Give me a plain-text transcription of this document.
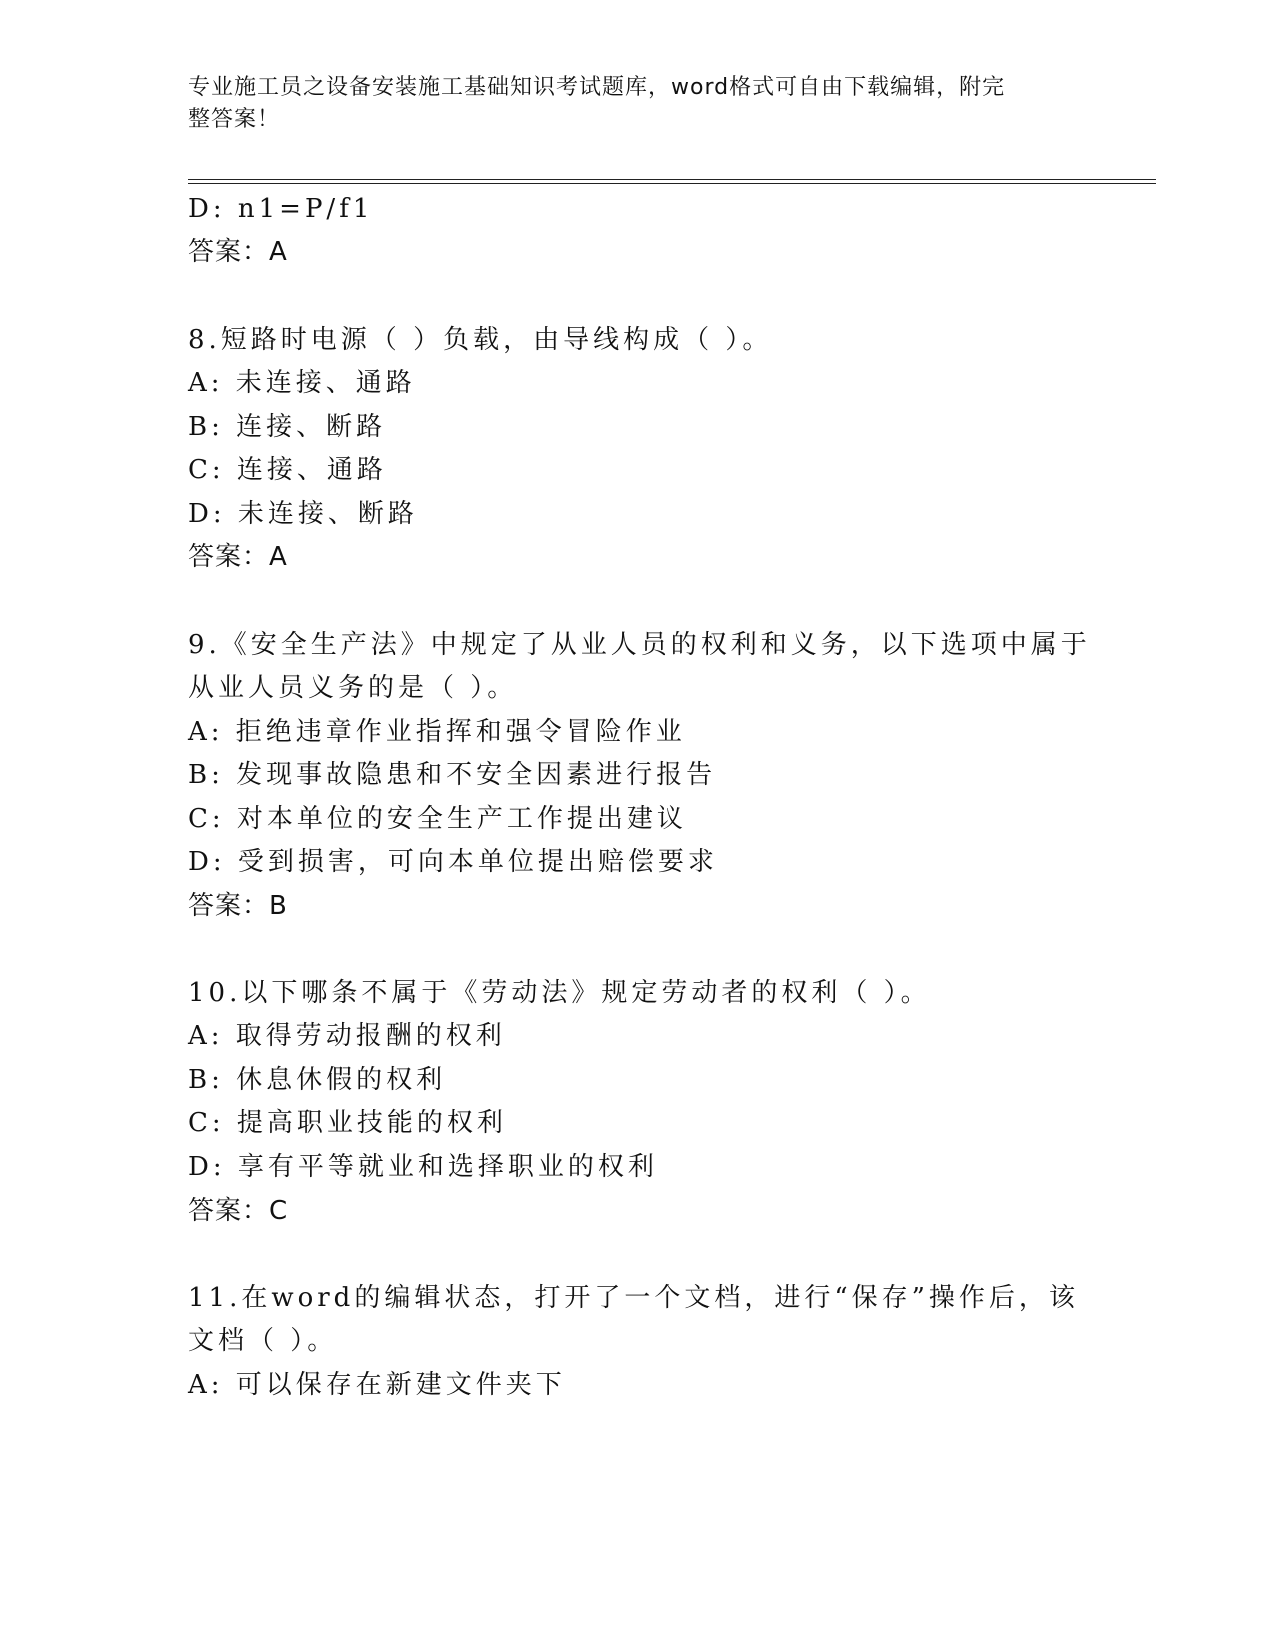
专业施工员之设备安装施工基础知识考试题库，word格式可自由下载编辑，附完
整答案！
D: n1=P/f1
答案：A
8.短路时电源（ ）负载，由导线构成（ ）。
A: 未连接、通路
B: 连接、断路
C: 连接、通路
D: 未连接、断路
答案：A
9.《安全生产法》中规定了从业人员的权利和义务，以下选项中属于
从业人员义务的是（ ）。
A: 拒绝违章作业指挥和强令冒险作业
B: 发现事故隐患和不安全因素进行报告
C: 对本单位的安全生产工作提出建议
D: 受到损害，可向本单位提出赔偿要求
答案：B
10.以下哪条不属于《劳动法》规定劳动者的权利（ ）。
A: 取得劳动报酬的权利
B: 休息休假的权利
C: 提高职业技能的权利
D: 享有平等就业和选择职业的权利
答案：C
11.在word的编辑状态，打开了一个文档，进行“保存”操作后，该
文档（ ）。
A: 可以保存在新建文件夹下
